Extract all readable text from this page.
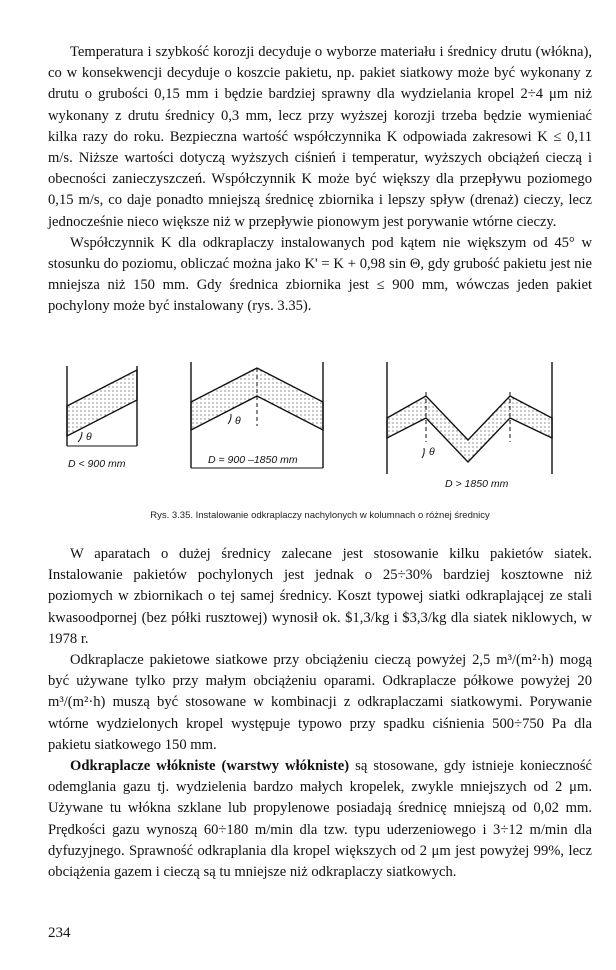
Temperatura i szybkość korozji decyduje o wyborze materiału i średnicy drutu (włókna), co w konsekwencji decyduje o koszcie pakietu, np. pakiet siatkowy może być wykonany z drutu o grubości 0,15 mm i będzie bardziej sprawny dla wydzielania kropel 2÷4 μm niż wykonany z drutu średnicy 0,3 mm, lecz przy wyższej korozji trzeba będzie wymieniać kilka razy do roku. Bezpieczna wartość współczynnika K odpowiada zakresowi K ≤ 0,11 m/s. Niższe wartości dotyczą wyższych ciśnień i temperatur, wyższych obciążeń cieczą i obecności zanieczyszczeń. Współczynnik K może być większy dla przepływu poziomego 0,15 m/s, co daje ponadto mniejszą średnicę zbiornika i lepszy spływ (drenaż) cieczy, lecz jednocześnie nieco większe niż w przepływie pionowym jest porywanie wtórne cieczy.

Współczynnik K dla odkraplaczy instalowanych pod kątem nie większym od 45° w stosunku do poziomu, obliczać można jako K' = K + 0,98 sin Θ, gdy grubość pakietu jest nie mniejsza niż 150 mm. Gdy średnica zbiornika jest ≤ 900 mm, wówczas jeden pakiet pochylony może być instalowany (rys. 3.35).

θ
θ
θ
D < 900 mm	D = 900 –1850 mm
D > 1850 mm
Rys. 3.35. Instalowanie odkraplaczy nachylonych w kolumnach o różnej średnicy

W aparatach o dużej średnicy zalecane jest stosowanie kilku pakietów siatek. Instalowanie pakietów pochylonych jest jednak o 25÷30% bardziej kosztowne niż poziomych w zbiornikach o tej samej średnicy. Koszt typowej siatki odkraplającej ze stali kwasoodpornej (bez półki rusztowej) wynosił ok. $1,3/kg i $3,3/kg dla siatek niklowych, w 1978 r.

Odkraplacze pakietowe siatkowe przy obciążeniu cieczą powyżej 2,5 m³/(m²·h) mogą być używane tylko przy małym obciążeniu oparami. Odkraplacze półkowe powyżej 20 m³/(m²·h) muszą być stosowane w kombinacji z odkraplaczami siatkowymi. Porywanie wtórne wydzielonych kropel występuje typowo przy spadku ciśnienia 500÷750 Pa dla pakietu siatkowego 150 mm.

Odkraplacze włókniste (warstwy włókniste) są stosowane, gdy istnieje konieczność odemglania gazu tj. wydzielenia bardzo małych kropelek, zwykle mniejszych od 2 μm. Używane tu włókna szklane lub propylenowe posiadają średnicę mniejszą od 0,02 mm. Prędkości gazu wynoszą 60÷180 m/min dla tzw. typu uderzeniowego i 3÷12 m/min dla dyfuzyjnego. Sprawność odkraplania dla kropel większych od 2 μm jest powyżej 99%, lecz obciążenia gazem i cieczą są tu mniejsze niż odkraplaczy siatkowych.

234
